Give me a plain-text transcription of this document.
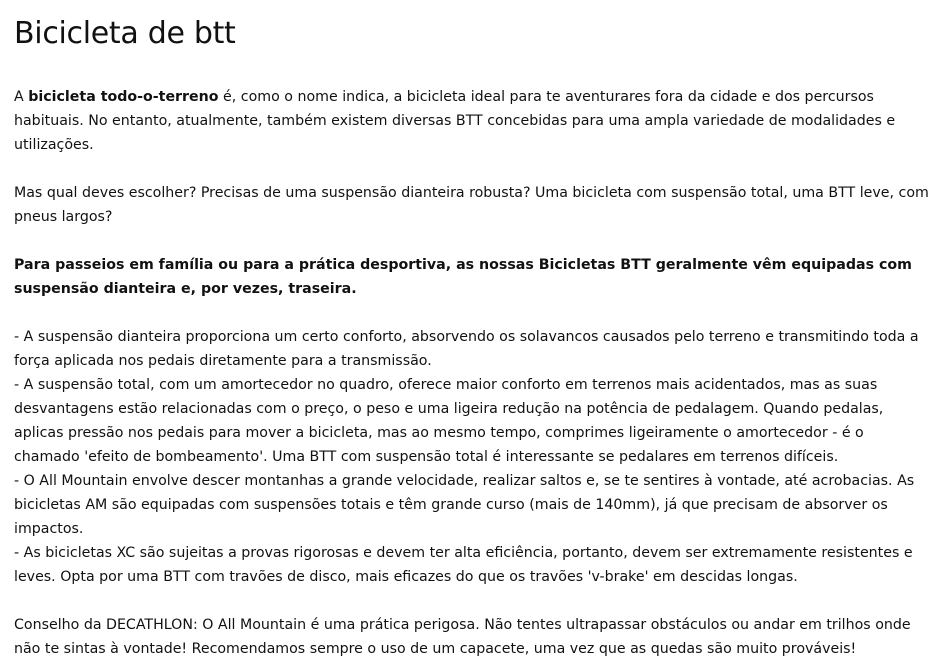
Bicicleta de btt

A bicicleta todo-o-terreno é, como o nome indica, a bicicleta ideal para te aventurares fora da cidade e dos percursos habituais. No entanto, atualmente, também existem diversas BTT concebidas para uma ampla variedade de modalidades e utilizações.

Mas qual deves escolher? Precisas de uma suspensão dianteira robusta? Uma bicicleta com suspensão total, uma BTT leve, com pneus largos?

Para passeios em família ou para a prática desportiva, as nossas Bicicletas BTT geralmente vêm equipadas com suspensão dianteira e, por vezes, traseira.

- A suspensão dianteira proporciona um certo conforto, absorvendo os solavancos causados pelo terreno e transmitindo toda a força aplicada nos pedais diretamente para a transmissão.

- A suspensão total, com um amortecedor no quadro, oferece maior conforto em terrenos mais acidentados, mas as suas desvantagens estão relacionadas com o preço, o peso e uma ligeira redução na potência de pedalagem. Quando pedalas, aplicas pressão nos pedais para mover a bicicleta, mas ao mesmo tempo, comprimes ligeiramente o amortecedor - é o chamado 'efeito de bombeamento'. Uma BTT com suspensão total é interessante se pedalares em terrenos difíceis.

- O All Mountain envolve descer montanhas a grande velocidade, realizar saltos e, se te sentires à vontade, até acrobacias. As bicicletas AM são equipadas com suspensões totais e têm grande curso (mais de 140mm), já que precisam de absorver os impactos.

- As bicicletas XC são sujeitas a provas rigorosas e devem ter alta eficiência, portanto, devem ser extremamente resistentes e leves. Opta por uma BTT com travões de disco, mais eficazes do que os travões 'v-brake' em descidas longas.

Conselho da DECATHLON: O All Mountain é uma prática perigosa. Não tentes ultrapassar obstáculos ou andar em trilhos onde não te sintas à vontade! Recomendamos sempre o uso de um capacete, uma vez que as quedas são muito prováveis!
